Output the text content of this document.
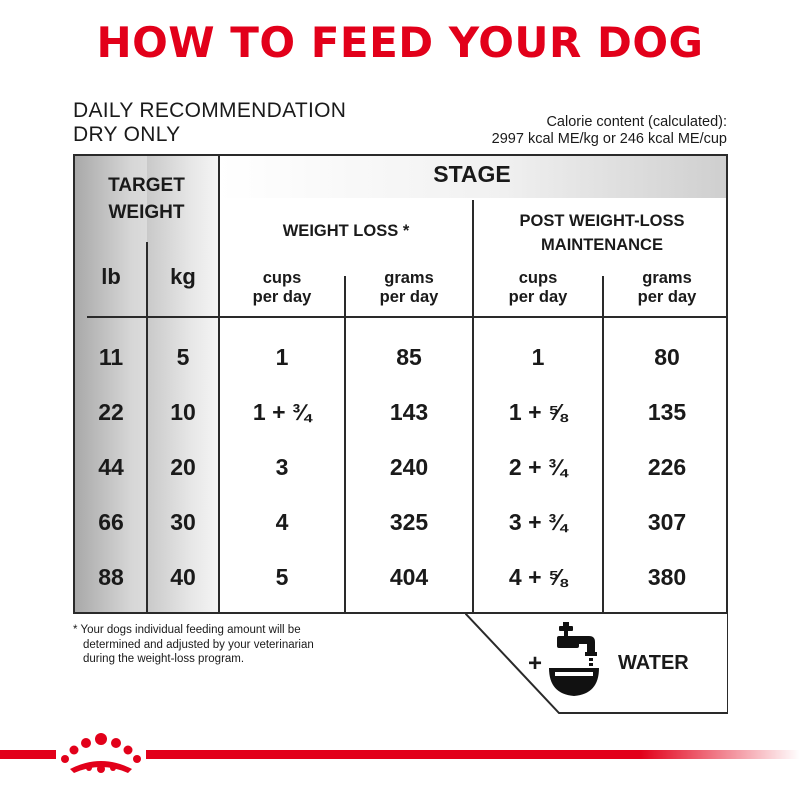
HOW TO FEED YOUR DOG
DAILY RECOMMENDATION
DRY ONLY
Calorie content (calculated):
2997 kcal ME/kg or 246 kcal ME/cup
TARGET
WEIGHT
STAGE
WEIGHT LOSS *
POST WEIGHT-LOSS
MAINTENANCE
lb	kg	cups
per day
grams
per day
cups
per day
grams
per day
11	5	1	85	1	80
22	10	1 + ¾	143	1 + ⅝	135
44	20	3	240	2 + ¾	226
66	30	4	325	3 + ¾	307
88	40	5	404	4 + ⅝	380
* Your dogs individual feeding amount will be
determined and adjusted by your veterinarian
during the weight-loss program.	+	WATER
